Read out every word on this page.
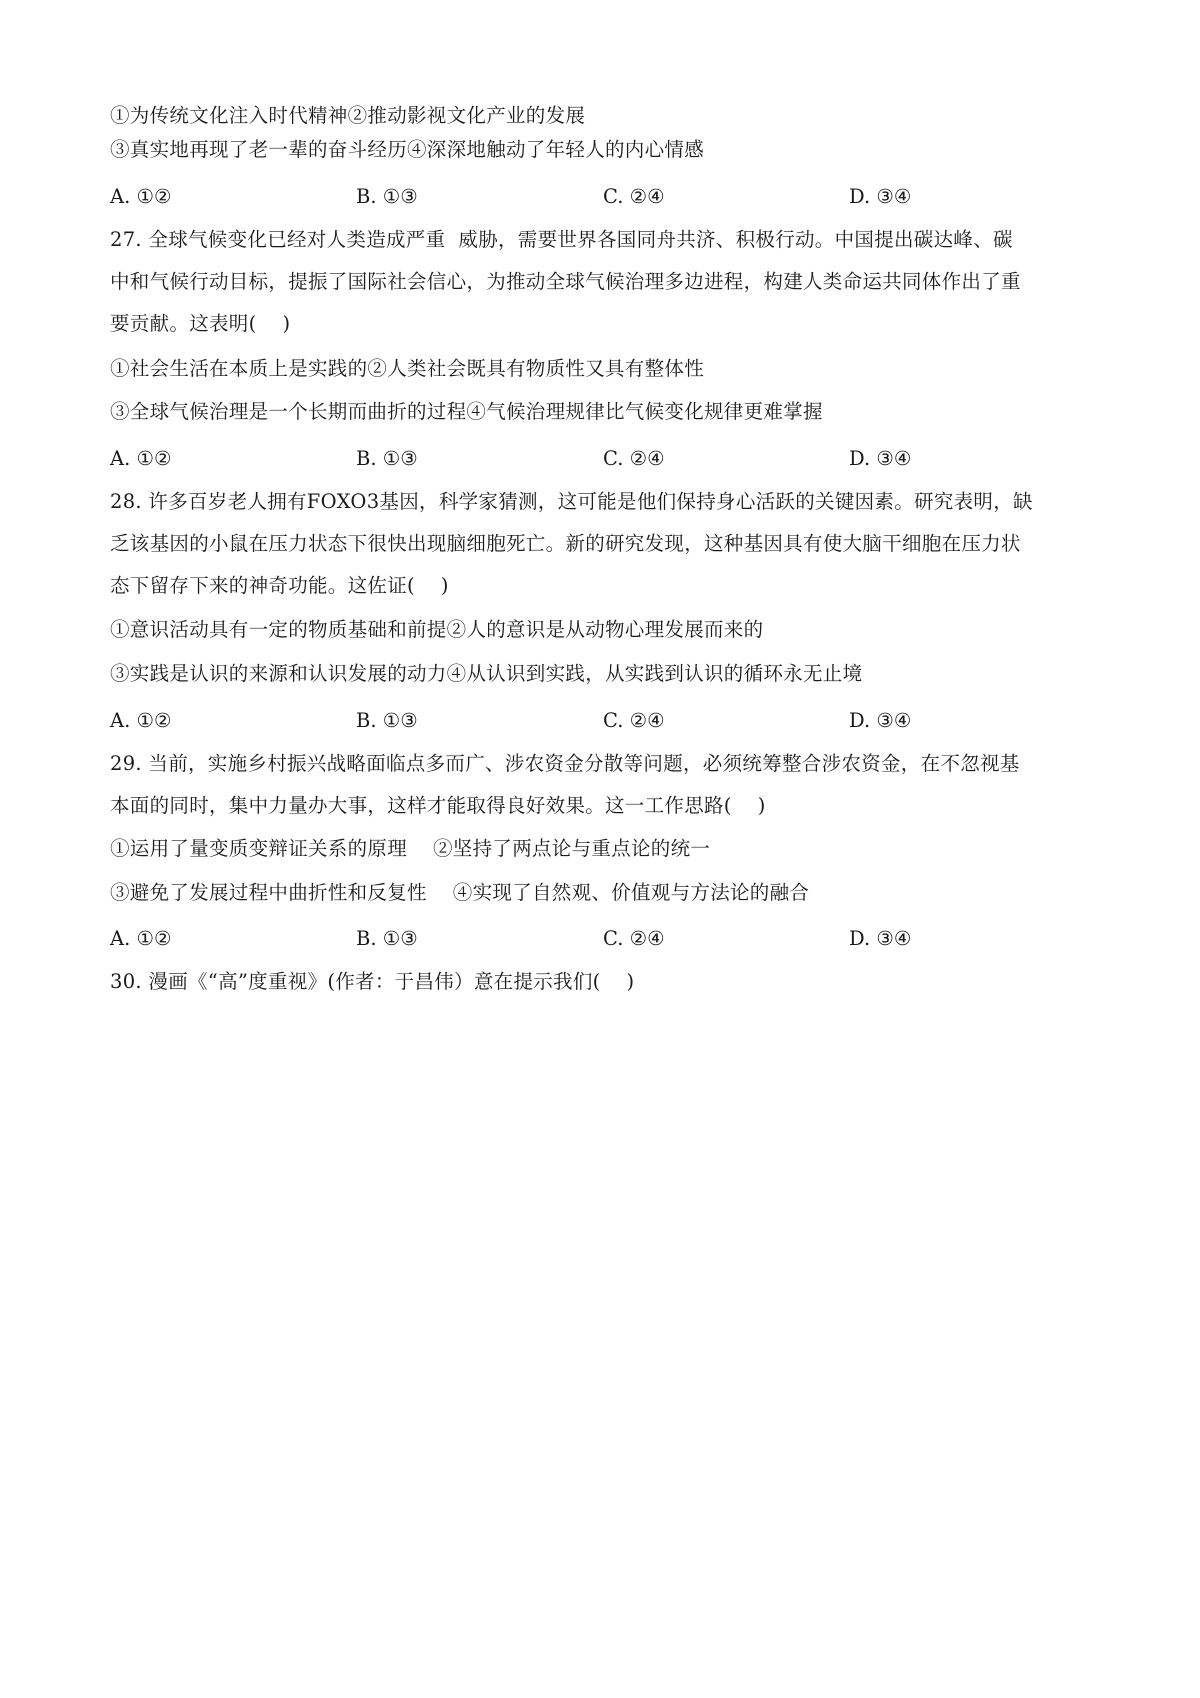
①为传统文化注入时代精神②推动影视文化产业的发展
③真实地再现了老一辈的奋斗经历④深深地触动了年轻人的内心情感
A. ①②	B. ①③	C. ②④	D. ③④
27. 全球气候变化已经对人类造成严重  威胁，需要世界各国同舟共济、积极行动。中国提出碳达峰、碳
中和气候行动目标，提振了国际社会信心，为推动全球气候治理多边进程，构建人类命运共同体作出了重
要贡献。这表明(    )
①社会生活在本质上是实践的②人类社会既具有物质性又具有整体性
③全球气候治理是一个长期而曲折的过程④气候治理规律比气候变化规律更难掌握
A. ①②	B. ①③	C. ②④	D. ③④
28. 许多百岁老人拥有FOXO3基因，科学家猜测，这可能是他们保持身心活跃的关键因素。研究表明，缺
乏该基因的小鼠在压力状态下很快出现脑细胞死亡。新的研究发现，这种基因具有使大脑干细胞在压力状
态下留存下来的神奇功能。这佐证(    )
①意识活动具有一定的物质基础和前提②人的意识是从动物心理发展而来的
③实践是认识的来源和认识发展的动力④从认识到实践，从实践到认识的循环永无止境
A. ①②	B. ①③	C. ②④	D. ③④
29. 当前，实施乡村振兴战略面临点多而广、涉农资金分散等问题，必须统筹整合涉农资金，在不忽视基
本面的同时，集中力量办大事，这样才能取得良好效果。这一工作思路(    )
①运用了量变质变辩证关系的原理    ②坚持了两点论与重点论的统一
③避免了发展过程中曲折性和反复性    ④实现了自然观、价值观与方法论的融合
A. ①②	B. ①③	C. ②④	D. ③④
30. 漫画《“高”度重视》(作者：于昌伟）意在提示我们(    )
